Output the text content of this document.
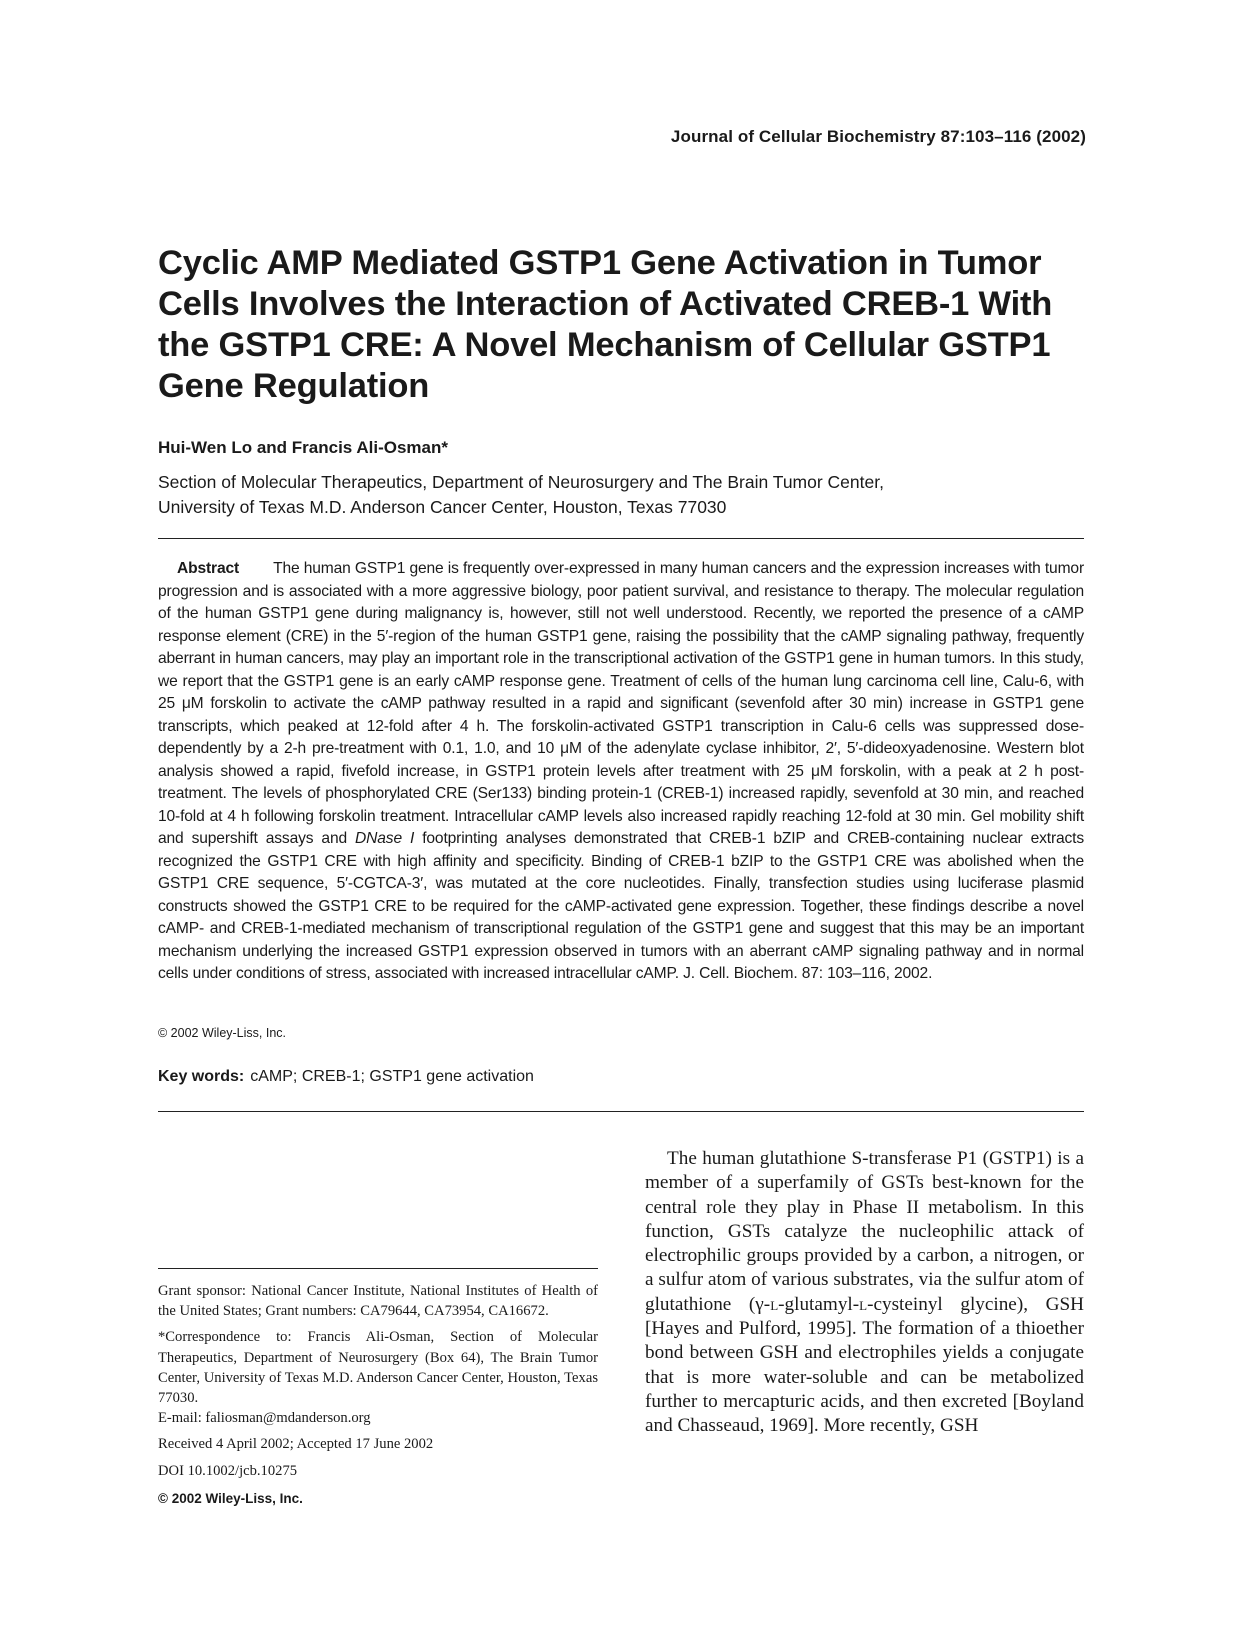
Journal of Cellular Biochemistry 87:103–116 (2002)
Cyclic AMP Mediated GSTP1 Gene Activation in Tumor Cells Involves the Interaction of Activated CREB-1 With the GSTP1 CRE: A Novel Mechanism of Cellular GSTP1 Gene Regulation
Hui-Wen Lo and Francis Ali-Osman*
Section of Molecular Therapeutics, Department of Neurosurgery and The Brain Tumor Center,
University of Texas M.D. Anderson Cancer Center, Houston, Texas 77030

Abstract The human GSTP1 gene is frequently over-expressed in many human cancers and the expression increases with tumor progression and is associated with a more aggressive biology, poor patient survival, and resistance to therapy. The molecular regulation of the human GSTP1 gene during malignancy is, however, still not well understood. Recently, we reported the presence of a cAMP response element (CRE) in the 5′-region of the human GSTP1 gene, raising the possibility that the cAMP signaling pathway, frequently aberrant in human cancers, may play an important role in the transcriptional activation of the GSTP1 gene in human tumors. In this study, we report that the GSTP1 gene is an early cAMP response gene. Treatment of cells of the human lung carcinoma cell line, Calu-6, with 25 μM forskolin to activate the cAMP pathway resulted in a rapid and significant (sevenfold after 30 min) increase in GSTP1 gene transcripts, which peaked at 12-fold after 4 h. The forskolin-activated GSTP1 transcription in Calu-6 cells was suppressed dose-dependently by a 2-h pre-treatment with 0.1, 1.0, and 10 μM of the adenylate cyclase inhibitor, 2′, 5′-dideoxyadenosine. Western blot analysis showed a rapid, fivefold increase, in GSTP1 protein levels after treatment with 25 μM forskolin, with a peak at 2 h post-treatment. The levels of phosphorylated CRE (Ser133) binding protein-1 (CREB-1) increased rapidly, sevenfold at 30 min, and reached 10-fold at 4 h following forskolin treatment. Intracellular cAMP levels also increased rapidly reaching 12-fold at 30 min. Gel mobility shift and supershift assays and DNase I footprinting analyses demonstrated that CREB-1 bZIP and CREB-containing nuclear extracts recognized the GSTP1 CRE with high affinity and specificity. Binding of CREB-1 bZIP to the GSTP1 CRE was abolished when the GSTP1 CRE sequence, 5′-CGTCA-3′, was mutated at the core nucleotides. Finally, transfection studies using luciferase plasmid constructs showed the GSTP1 CRE to be required for the cAMP-activated gene expression. Together, these findings describe a novel cAMP- and CREB-1-mediated mechanism of transcriptional regulation of the GSTP1 gene and suggest that this may be an important mechanism underlying the increased GSTP1 expression observed in tumors with an aberrant cAMP signaling pathway and in normal cells under conditions of stress, associated with increased intracellular cAMP. J. Cell. Biochem. 87: 103–116, 2002.

© 2002 Wiley-Liss, Inc.
Key words: cAMP; CREB-1; GSTP1 gene activation

Grant sponsor: National Cancer Institute, National Institutes of Health of the United States; Grant numbers: CA79644, CA73954, CA16672.

*Correspondence to: Francis Ali-Osman, Section of Molecular Therapeutics, Department of Neurosurgery (Box 64), The Brain Tumor Center, University of Texas M.D. Anderson Cancer Center, Houston, Texas 77030.

E-mail: faliosman@mdanderson.org

Received 4 April 2002; Accepted 17 June 2002

DOI 10.1002/jcb.10275

© 2002 Wiley-Liss, Inc.

The human glutathione S-transferase P1 (GSTP1) is a member of a superfamily of GSTs best-known for the central role they play in Phase II metabolism. In this function, GSTs catalyze the nucleophilic attack of electrophilic groups provided by a carbon, a nitrogen, or a sulfur atom of various substrates, via the sulfur atom of glutathione (γ-l-glutamyl-l-cysteinyl glycine), GSH [Hayes and Pulford, 1995]. The formation of a thioether bond between GSH and electrophiles yields a conjugate that is more water-soluble and can be metabolized further to mercapturic acids, and then excreted [Boyland and Chasseaud, 1969]. More recently, GSH
